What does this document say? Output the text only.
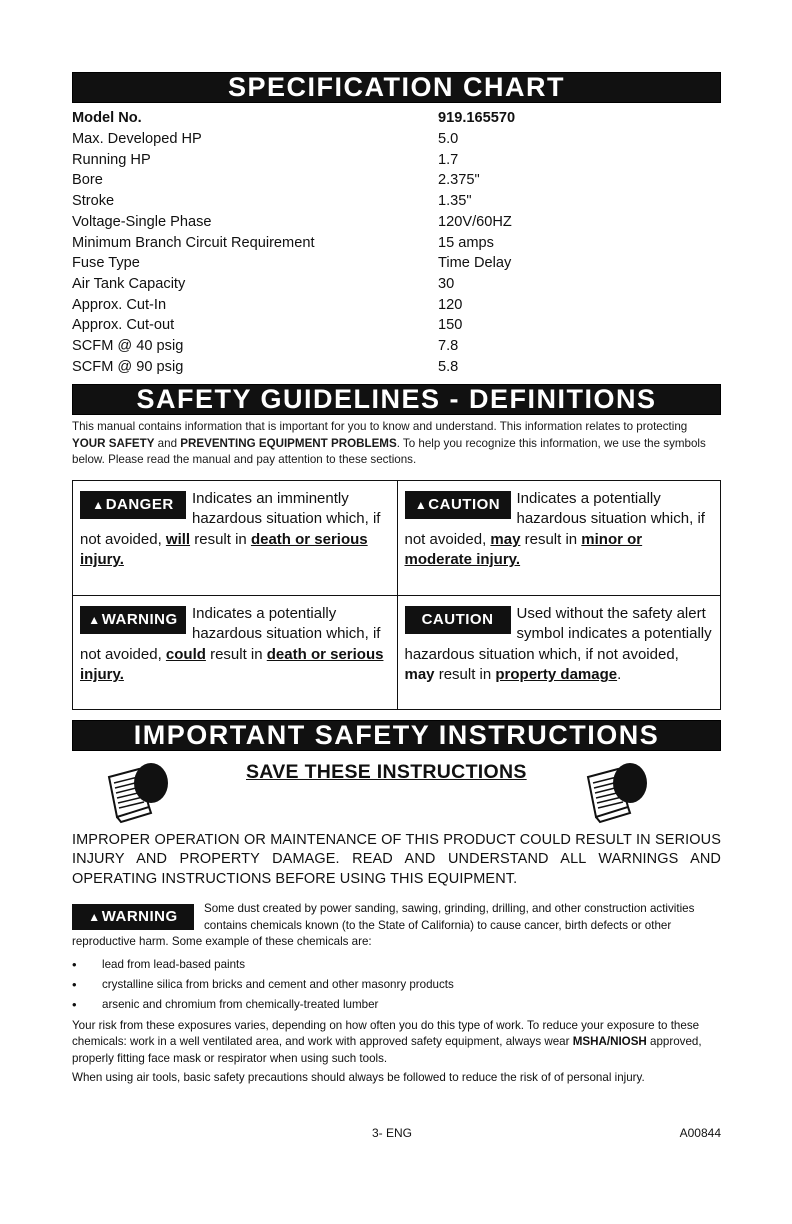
SPECIFICATION CHART
Model No.	919.165570
Max. Developed HP	5.0
Running HP	1.7
Bore	2.375"
Stroke	1.35"
Voltage-Single Phase	120V/60HZ
Minimum Branch Circuit Requirement	15 amps
Fuse Type	Time Delay
Air Tank Capacity	30
Approx. Cut-In	120
Approx. Cut-out	150
SCFM @ 40 psig	7.8
SCFM @ 90 psig	5.8
SAFETY GUIDELINES - DEFINITIONS

This manual contains information that is important for you to know and understand. This information relates to protecting YOUR SAFETY and PREVENTING EQUIPMENT PROBLEMS. To help you recognize this information, we use the symbols below. Please read the manual and pay attention to these sections.

▲DANGER	Indicates an imminently hazardous situation which, if not avoided, will result in death or serious injury.
▲CAUTION	Indicates a potentially hazardous situation which, if not avoided, may result in minor or moderate injury.
▲WARNING Indicates a potentially hazardous situation which, if not avoided, could result in death or serious injury.
CAUTION	Used without the safety alert symbol indicates a potentially hazardous situation which, if not avoided, may result in property damage.
IMPORTANT SAFETY INSTRUCTIONS
SAVE THESE INSTRUCTIONS
IMPROPER OPERATION OR MAINTENANCE OF THIS PRODUCT COULD RESULT IN SERIOUS INJURY AND PROPERTY DAMAGE. READ AND UNDERSTAND ALL WARNINGS AND OPERATING INSTRUCTIONS BEFORE USING THIS EQUIPMENT.
▲WARNING	Some dust created by power sanding, sawing, grinding, drilling, and other construction activities contains chemicals known (to the State of California) to cause cancer, birth defects or other reproductive harm. Some example of these chemicals are:
• lead from lead-based paints
• crystalline silica from bricks and cement and other masonry products
• arsenic and chromium from chemically-treated lumber

Your risk from these exposures varies, depending on how often you do this type of work. To reduce your exposure to these chemicals: work in a well ventilated area, and work with approved safety equipment, always wear MSHA/NIOSH approved, properly fitting face mask or respirator when using such tools.

When using air tools, basic safety precautions should always be followed to reduce the risk of of personal injury.

3- ENG	A00844
